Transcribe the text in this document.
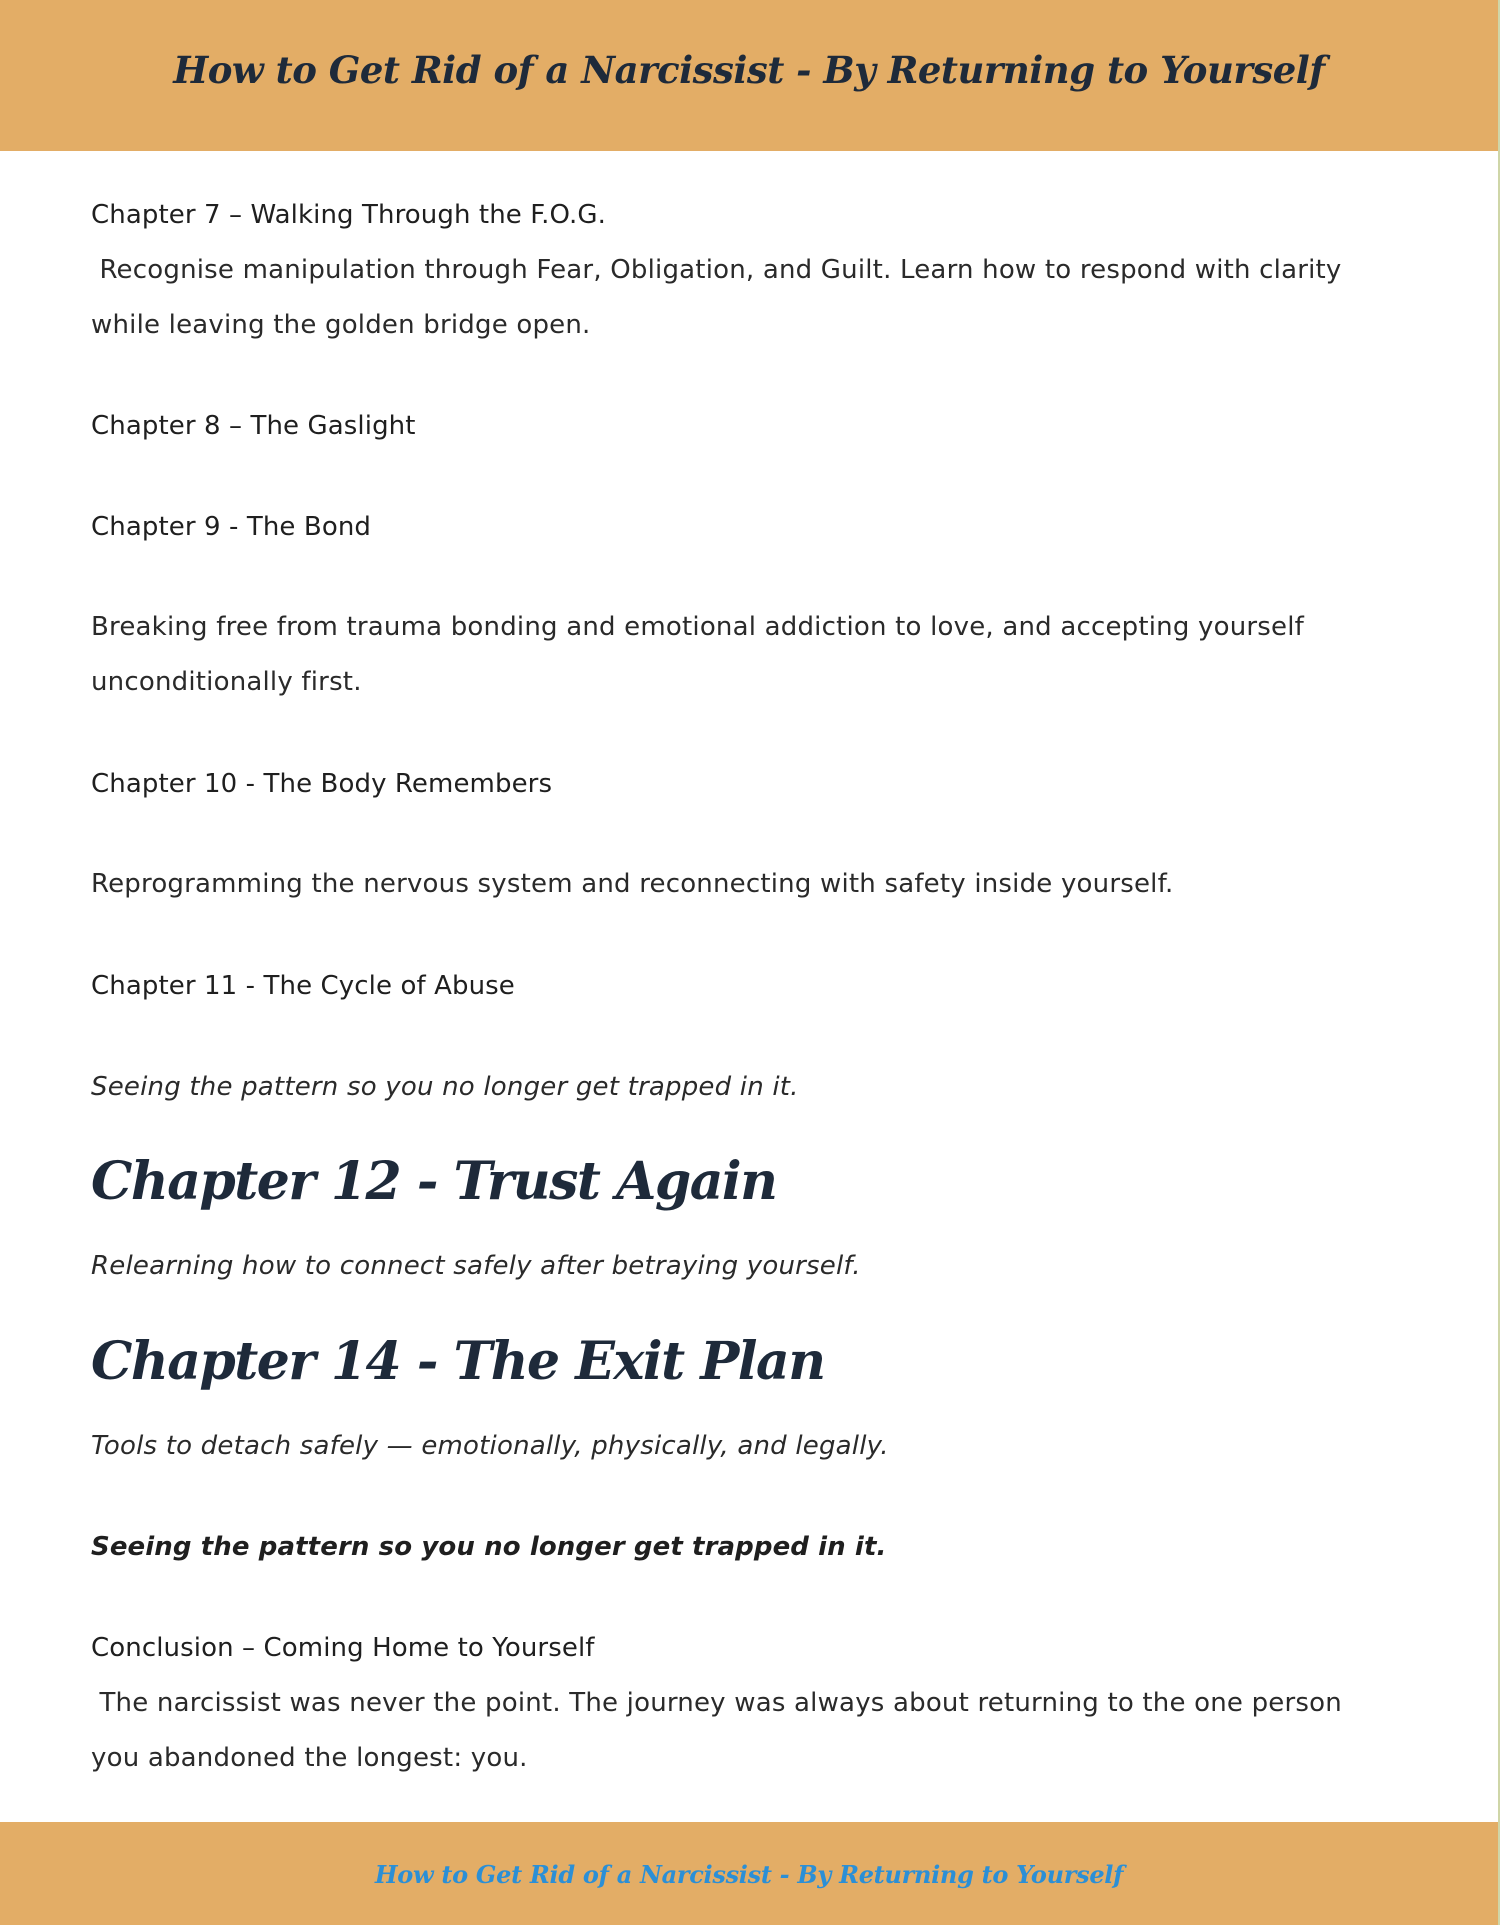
How to Get Rid of a Narcissist - By Returning to Yourself
Chapter 7 – Walking Through the F.O.G.
Recognise manipulation through Fear, Obligation, and Guilt. Learn how to respond with clarity
while leaving the golden bridge open.
Chapter 8 – The Gaslight
Chapter 9 - The Bond
Breaking free from trauma bonding and emotional addiction to love, and accepting yourself
unconditionally first.
Chapter 10 - The Body Remembers
Reprogramming the nervous system and reconnecting with safety inside yourself.
Chapter 11 - The Cycle of Abuse
Seeing the pattern so you no longer get trapped in it.
Chapter 12 - Trust Again
Relearning how to connect safely after betraying yourself.
Chapter 14 - The Exit Plan
Tools to detach safely — emotionally, physically, and legally.
Seeing the pattern so you no longer get trapped in it.
Conclusion – Coming Home to Yourself
The narcissist was never the point. The journey was always about returning to the one person
you abandoned the longest: you.
How to Get Rid of a Narcissist - By Returning to Yourself
